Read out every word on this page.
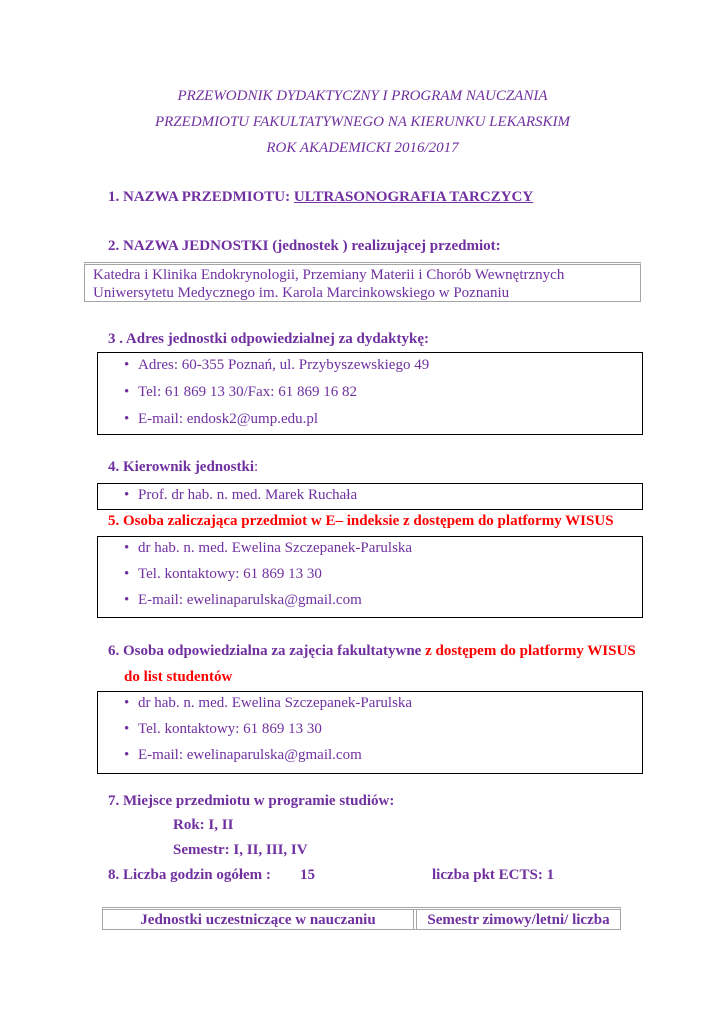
PRZEWODNIK DYDAKTYCZNY I PROGRAM NAUCZANIA
PRZEDMIOTU FAKULTATYWNEGO NA KIERUNKU LEKARSKIM
ROK AKADEMICKI 2016/2017
1. NAZWA PRZEDMIOTU: ULTRASONOGRAFIA TARCZYCY
2. NAZWA JEDNOSTKI (jednostek ) realizującej przedmiot:
Katedra i Klinika Endokrynologii, Przemiany Materii i Chorób Wewnętrznych
Uniwersytetu Medycznego im. Karola Marcinkowskiego w Poznaniu
3 . Adres jednostki odpowiedzialnej za dydaktykę:
• Adres: 60-355 Poznań, ul. Przybyszewskiego 49
• Tel: 61 869 13 30/Fax: 61 869 16 82
• E-mail: endosk2@ump.edu.pl
4. Kierownik jednostki:
• Prof. dr hab. n. med. Marek Ruchała
5. Osoba zaliczająca przedmiot w E– indeksie z dostępem do platformy WISUS
• dr hab. n. med. Ewelina Szczepanek-Parulska
• Tel. kontaktowy: 61 869 13 30
• E-mail: ewelinaparulska@gmail.com
6. Osoba odpowiedzialna za zajęcia fakultatywne z dostępem do platformy WISUS
do list studentów
• dr hab. n. med. Ewelina Szczepanek-Parulska
• Tel. kontaktowy: 61 869 13 30
• E-mail: ewelinaparulska@gmail.com
7. Miejsce przedmiotu w programie studiów:
Rok: I, II
Semestr: I, II, III, IV
8. Liczba godzin ogółem : 15	liczba pkt ECTS: 1
Jednostki uczestniczące w nauczaniu	Semestr zimowy/letni/ liczba
